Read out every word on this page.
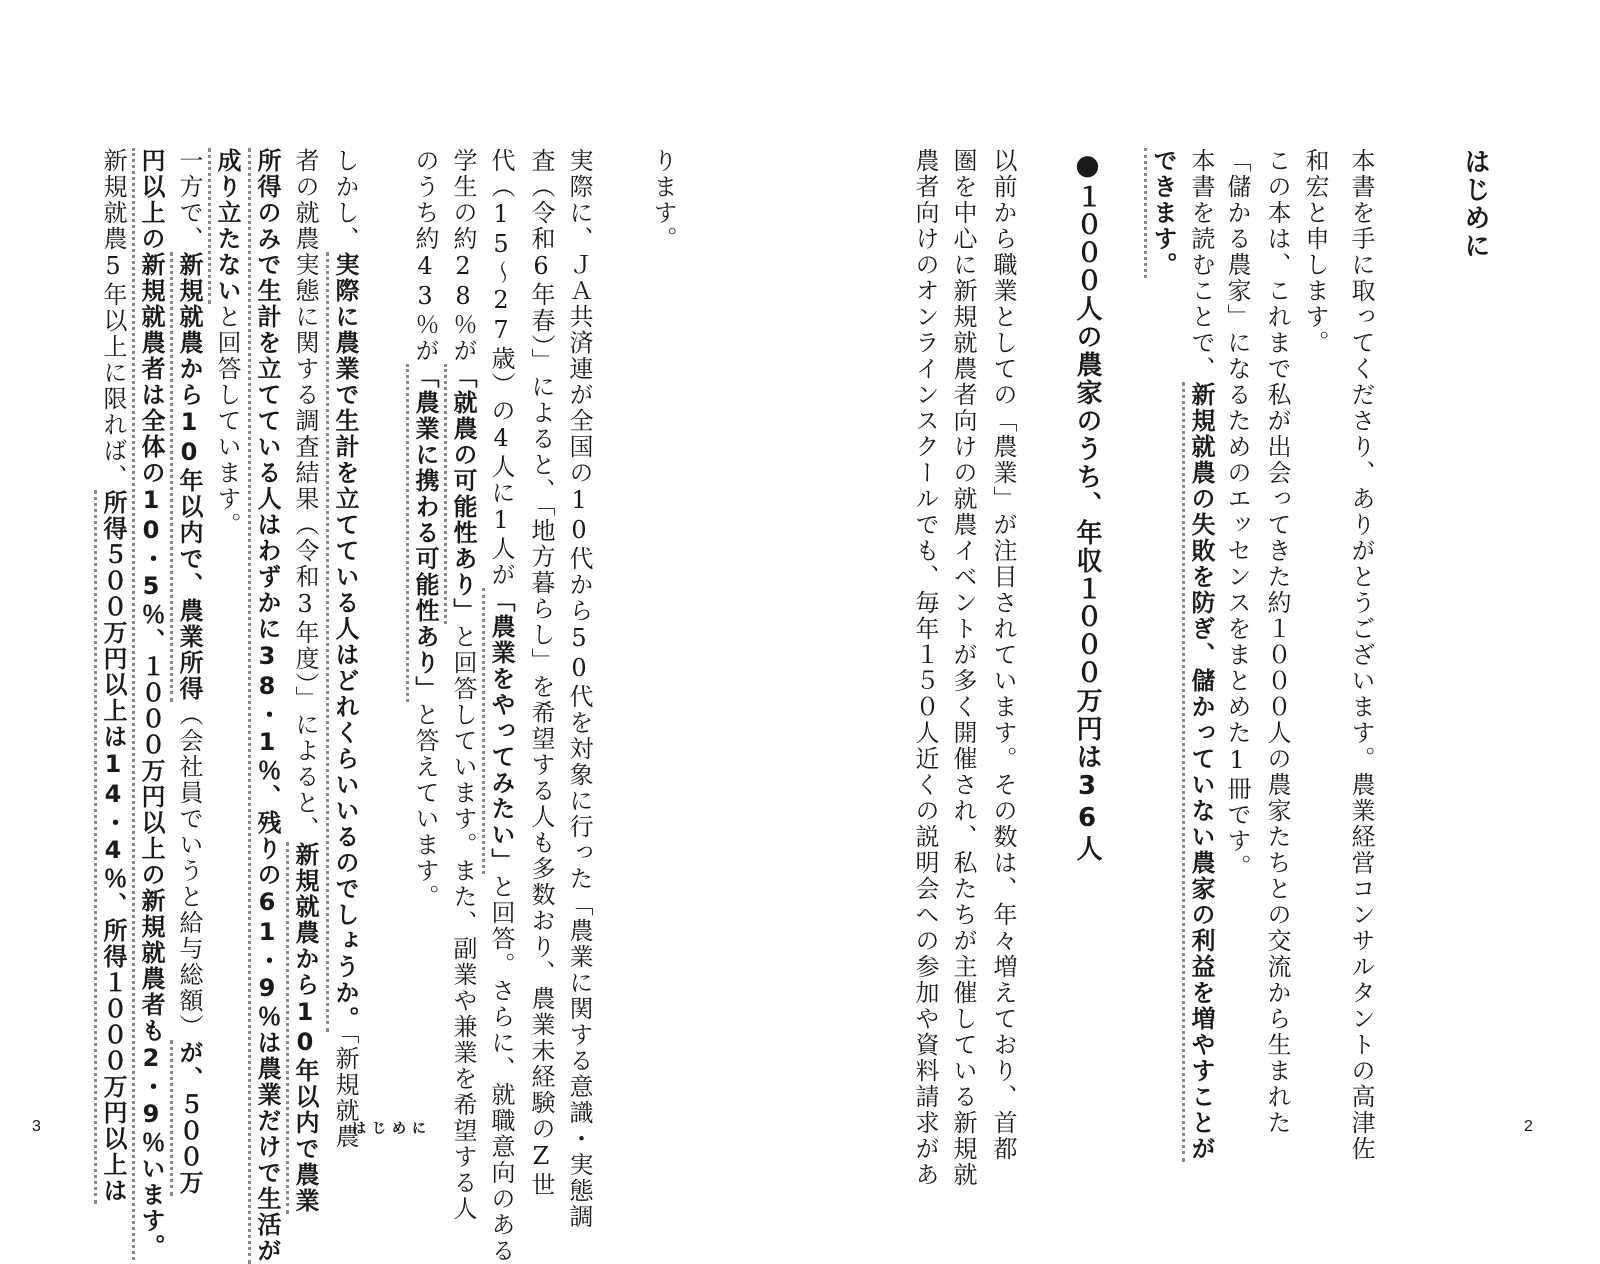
はじめに
本書を手に取ってくださり、ありがとうございます。農業経営コンサルタントの高津佐
和宏と申します。
この本は、これまで私が出会ってきた約１０００人の農家たちとの交流から生まれた
「儲かる農家」になるためのエッセンスをまとめた1冊です。
本書を読むことで、新規就農の失敗を防ぎ、儲かっていない農家の利益を増やすことが
できます。
●１０００人の農家のうち、年収１０００万円は36人
以前から職業としての「農業」が注目されています。その数は、年々増えており、首都
圏を中心に新規就農者向けの就農イベントが多く開催され、私たちが主催している新規就
農者向けのオンラインスクールでも、毎年１５０人近くの説明会への参加や資料請求があ
ります。
2
実際に、ＪＡ共済連が全国の10代から50代を対象に行った「農業に関する意識・実態調
査（令和6年春）」によると、「地方暮らし」を希望する人も多数おり、農業未経験のZ世
代（15～27歳）の4人に1人が「農業をやってみたい」と回答。さらに、就職意向のある
学生の約28％が「就農の可能性あり」と回答しています。また、副業や兼業を希望する人
のうち約43％が「農業に携わる可能性あり」と答えています。
しかし、実際に農業で生計を立てている人はどれくらいいるのでしょうか。「新規就農
者の就農実態に関する調査結果（令和3年度）」によると、新規就農から10年以内で農業
所得のみで生計を立てている人はわずかに38・1％、残りの61・9％は農業だけで生活が
成り立たないと回答しています。
一方で、新規就農から10年以内で、農業所得（会社員でいうと給与総額）が、５００万
円以上の新規就農者は全体の10・5％、１０００万円以上の新規就農者も2・9％います。
新規就農5年以上に限れば、所得５００万円以上は14・4％、所得１０００万円以上は
3	はじめに
